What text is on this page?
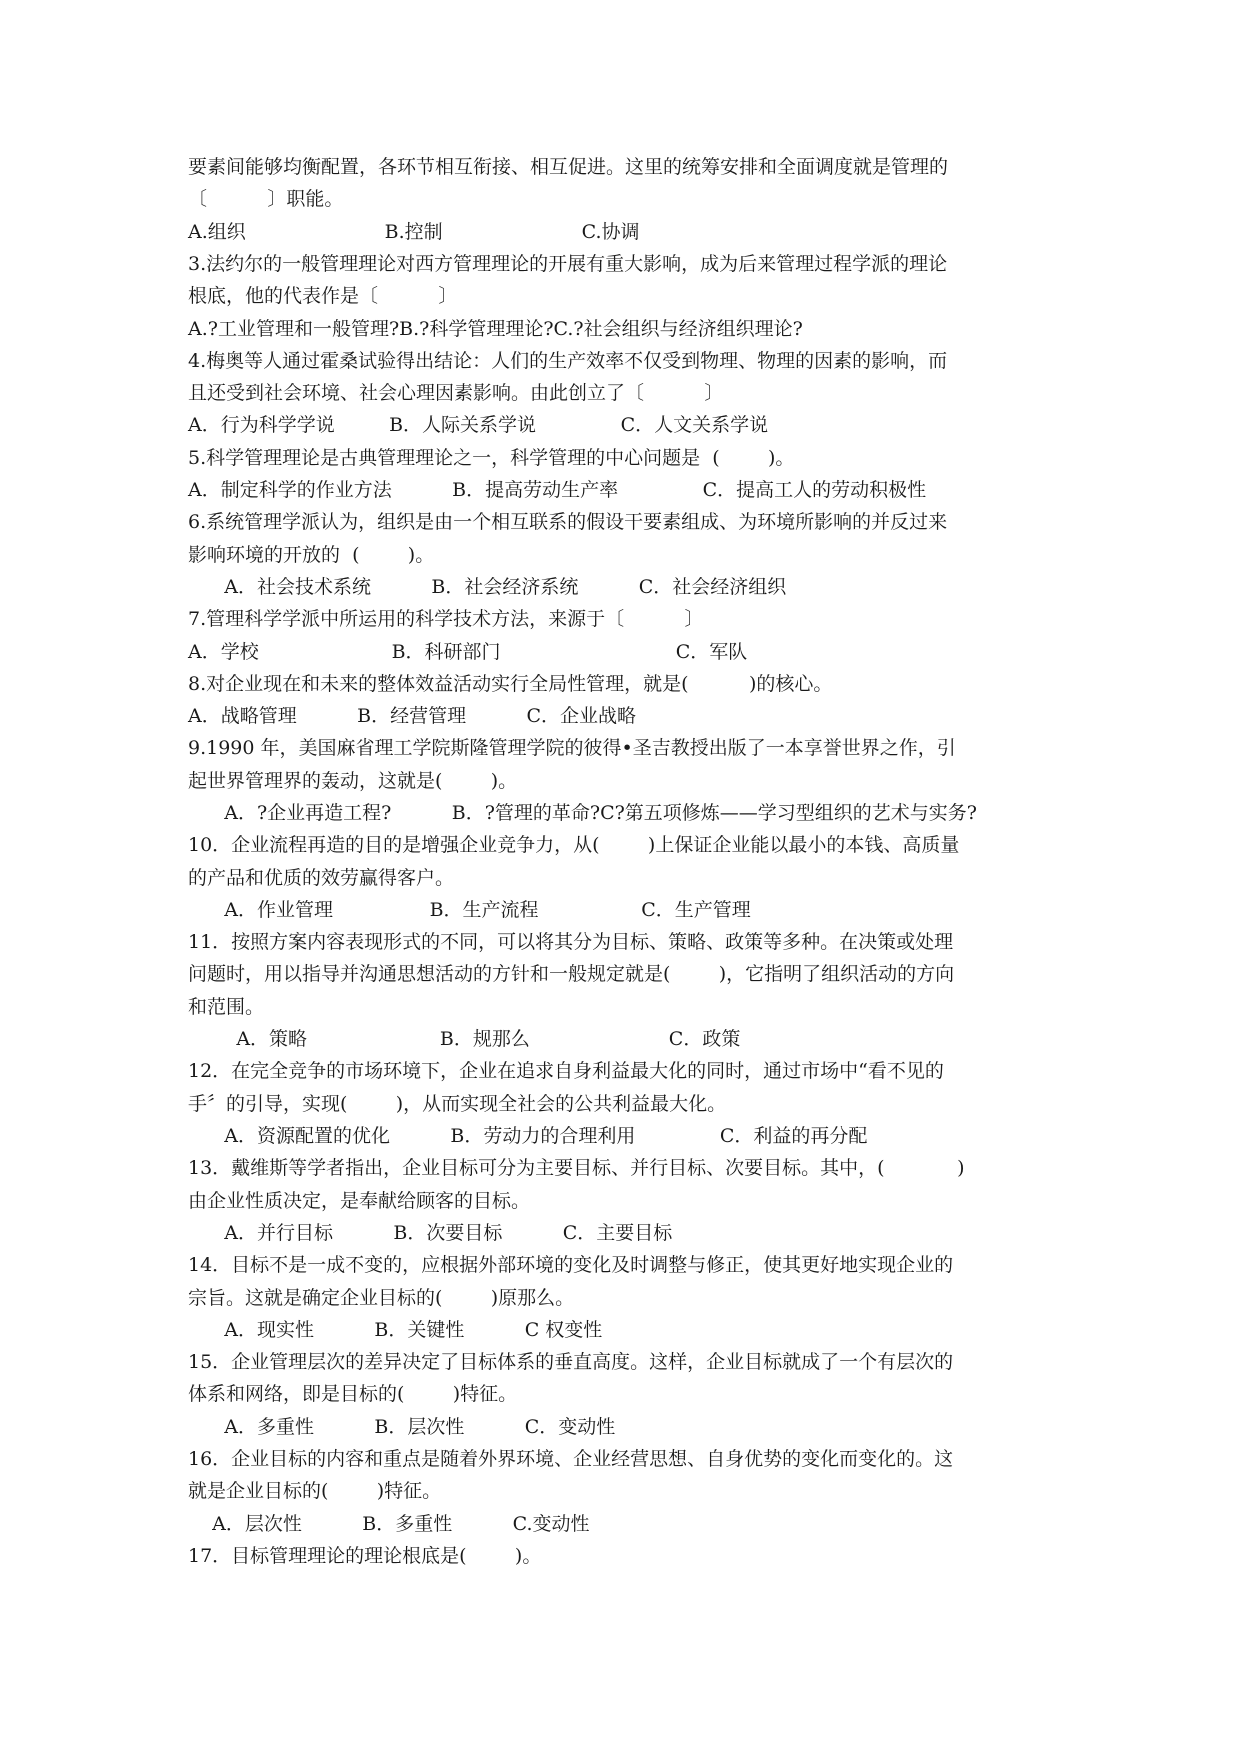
要素间能够均衡配置，各环节相互衔接、相互促进。这里的统筹安排和全面调度就是管理的
〔          〕职能。
A.组织                       B.控制                       C.协调
3.法约尔的一般管理理论对西方管理理论的开展有重大影响，成为后来管理过程学派的理论
根底，他的代表作是〔          〕
A.?工业管理和一般管理?B.?科学管理理论?C.?社会组织与经济组织理论?
4.梅奥等人通过霍桑试验得出结论：人们的生产效率不仅受到物理、物理的因素的影响，而
且还受到社会环境、社会心理因素影响。由此创立了〔          〕
A．行为科学学说         B．人际关系学说              C．人文关系学说
5.科学管理理论是古典管理理论之一，科学管理的中心问题是  (        )。
A．制定科学的作业方法          B．提高劳动生产率              C．提高工人的劳动积极性
6.系统管理学派认为，组织是由一个相互联系的假设干要素组成、为环境所影响的并反过来
影响环境的开放的  (        )。
A．社会技术系统          B．社会经济系统          C．社会经济组织
7.管理科学学派中所运用的科学技术方法，来源于〔          〕
A．学校                      B．科研部门                             C．军队
8.对企业现在和未来的整体效益活动实行全局性管理，就是(          )的核心。
A．战略管理          B．经营管理          C．企业战略
9.1990 年，美国麻省理工学院斯隆管理学院的彼得•圣吉教授出版了一本享誉世界之作，引
起世界管理界的轰动，这就是(        )。
A．?企业再造工程?          B．?管理的革命?C?第五项修炼——学习型组织的艺术与实务?
10．企业流程再造的目的是增强企业竞争力，从(        )上保证企业能以最小的本钱、高质量
的产品和优质的效劳赢得客户。
A．作业管理                B．生产流程                 C．生产管理
11．按照方案内容表现形式的不同，可以将其分为目标、策略、政策等多种。在决策或处理
问题时，用以指导并沟通思想活动的方针和一般规定就是(        )，它指明了组织活动的方向
和范围。
A．策略                      B．规那么                       C．政策
12．在完全竞争的市场环境下，企业在追求自身利益最大化的同时，通过市场中“看不见的
手〞的引导，实现(        )，从而实现全社会的公共利益最大化。
A．资源配置的优化          B．劳动力的合理利用              C．利益的再分配
13．戴维斯等学者指出，企业目标可分为主要目标、并行目标、次要目标。其中，(            )
由企业性质决定，是奉献给顾客的目标。
A．并行目标          B．次要目标          C．主要目标
14．目标不是一成不变的，应根据外部环境的变化及时调整与修正，使其更好地实现企业的
宗旨。这就是确定企业目标的(        )原那么。
A．现实性          B．关键性          C 权变性
15．企业管理层次的差异决定了目标体系的垂直高度。这样，企业目标就成了一个有层次的
体系和网络，即是目标的(        )特征。
A．多重性          B．层次性          C．变动性
16．企业目标的内容和重点是随着外界环境、企业经营思想、自身优势的变化而变化的。这
就是企业目标的(        )特征。
A．层次性          B．多重性          C.变动性
17．目标管理理论的理论根底是(        )。
